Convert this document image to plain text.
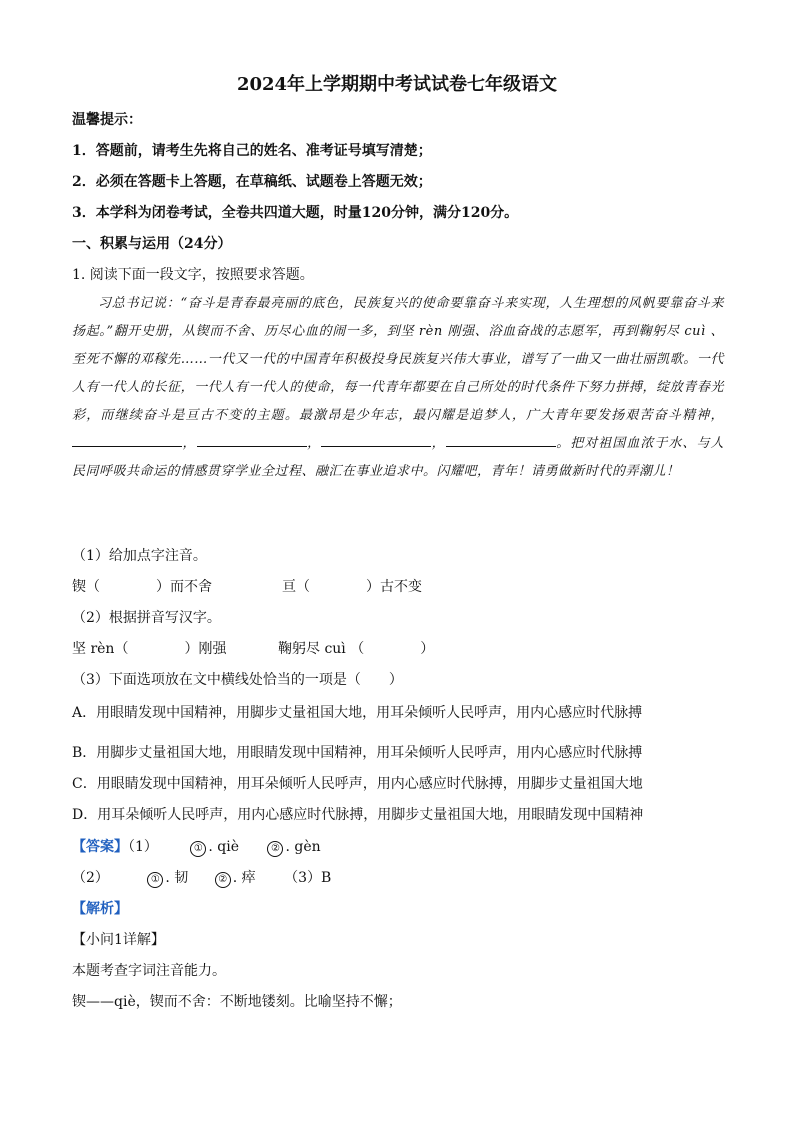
2024年上学期期中考试试卷七年级语文
温馨提示：
1．答题前，请考生先将自己的姓名、准考证号填写清楚；
2．必须在答题卡上答题，在草稿纸、试题卷上答题无效；
3．本学科为闭卷考试，全卷共四道大题，时量120分钟，满分120分。
一、积累与运用（24分）
1. 阅读下面一段文字，按照要求答题。

习总书记说：“奋斗是青春最亮丽的底色，民族复兴的使命要靠奋斗来实现，人生理想的风帆要靠奋斗来扬起。”翻开史册，从锲而不舍、历尽心血的闹一多，到坚 rèn 刚强、浴血奋战的志愿军，再到鞠躬尽 cuì 、至死不懈的邓稼先……一代又一代的中国青年积极投身民族复兴伟大事业，谱写了一曲又一曲壮丽凯歌。一代人有一代人的长征，一代人有一代人的使命，每一代青年都要在自己所处的时代条件下努力拼搏，绽放青春光彩，而继续奋斗是亘古不变的主题。最激昂是少年志，最闪耀是追梦人，广大青年要发扬艰苦奋斗精神， ，	，	，	。把对祖国血浓于水、与人民同呼吸共命运的情感贯穿学业全过程、融汇在事业追求中。闪耀吧，青年！请勇做新时代的弄潮儿！

（1）给加点字注音。
锲（	）而不舍	亘（	）古不变
（2）根据拼音写汉字。
坚 rèn（	）刚强	鞠躬尽 cuì （	）
（3）下面选项放在文中横线处恰当的一项是（　　）
A．用眼睛发现中国精神，用脚步丈量祖国大地，用耳朵倾听人民呼声，用内心感应时代脉搏
B．用脚步丈量祖国大地，用眼睛发现中国精神，用耳朵倾听人民呼声，用内心感应时代脉搏
C．用眼睛发现中国精神，用耳朵倾听人民呼声，用内心感应时代脉搏，用脚步丈量祖国大地
D．用耳朵倾听人民呼声，用内心感应时代脉搏，用脚步丈量祖国大地，用眼睛发现中国精神
【答案】（1）	① . qiè	② . gèn
（2）	① . 韧	② . 瘁 （3）B
【解析】
【小问1详解】
本题考查字词注音能力。
锲——qiè，锲而不舍：不断地镂刻。比喻坚持不懈；
